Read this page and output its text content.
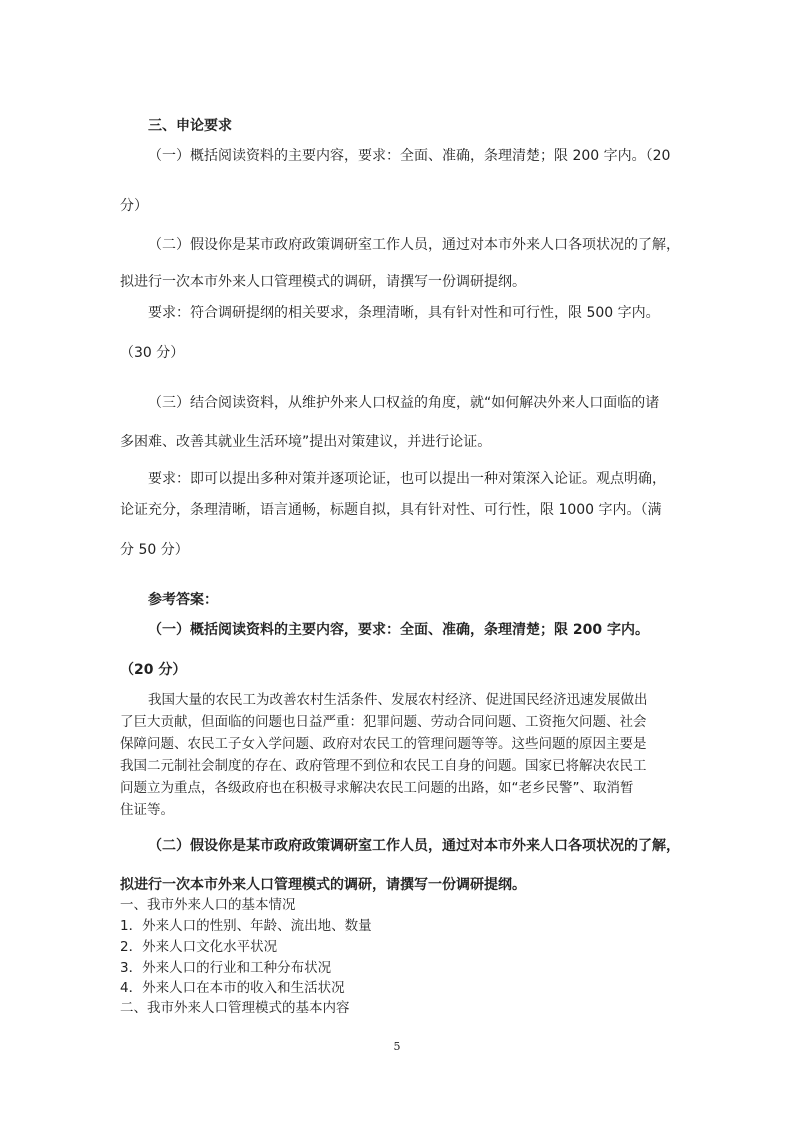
三、申论要求
（一）概括阅读资料的主要内容，要求：全面、准确，条理清楚；限 200 字内。（20
分）
（二）假设你是某市政府政策调研室工作人员，通过对本市外来人口各项状况的了解，
拟进行一次本市外来人口管理模式的调研，请撰写一份调研提纲。
要求：符合调研提纲的相关要求，条理清晰，具有针对性和可行性，限 500 字内。
（30 分）
（三）结合阅读资料，从维护外来人口权益的角度，就“如何解决外来人口面临的诸
多困难、改善其就业生活环境”提出对策建议，并进行论证。
要求：即可以提出多种对策并逐项论证，也可以提出一种对策深入论证。观点明确，
论证充分，条理清晰，语言通畅，标题自拟，具有针对性、可行性，限 1000 字内。（满
分 50 分）
参考答案：
（一）概括阅读资料的主要内容，要求：全面、准确，条理清楚；限 200 字内。
（20 分）
我国大量的农民工为改善农村生活条件、发展农村经济、促进国民经济迅速发展做出
了巨大贡献，但面临的问题也日益严重：犯罪问题、劳动合同问题、工资拖欠问题、社会
保障问题、农民工子女入学问题、政府对农民工的管理问题等等。这些问题的原因主要是
我国二元制社会制度的存在、政府管理不到位和农民工自身的问题。国家已将解决农民工
问题立为重点，各级政府也在积极寻求解决农民工问题的出路，如“老乡民警”、取消暂
住证等。
（二）假设你是某市政府政策调研室工作人员，通过对本市外来人口各项状况的了解，
拟进行一次本市外来人口管理模式的调研，请撰写一份调研提纲。
一、我市外来人口的基本情况
1．外来人口的性别、年龄、流出地、数量
2．外来人口文化水平状况
3．外来人口的行业和工种分布状况
4．外来人口在本市的收入和生活状况
二、我市外来人口管理模式的基本内容
5
